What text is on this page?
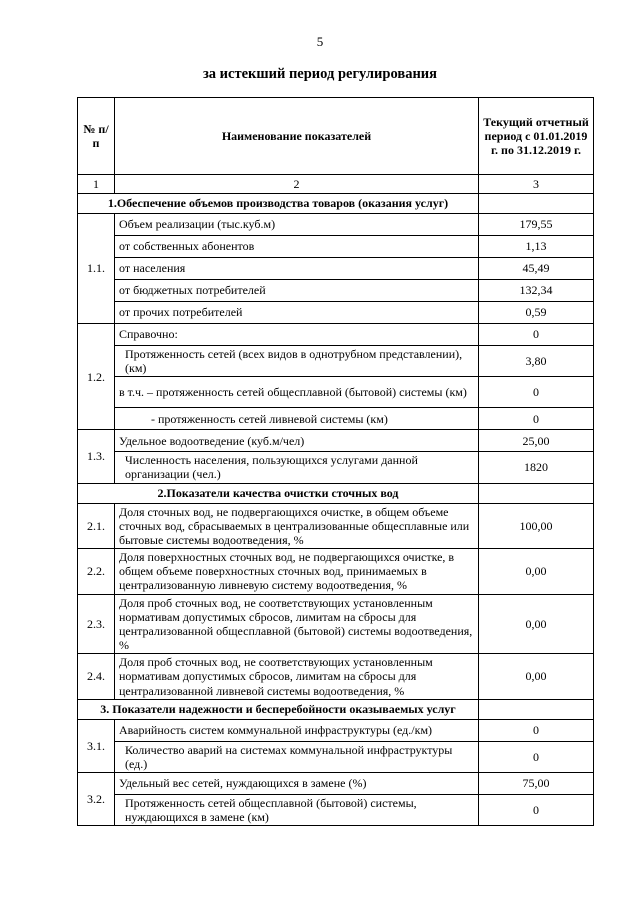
5
за истекший период регулирования
№ п/п	Наименование показателей	Текущий отчетный период с 01.01.2019 г. по 31.12.2019 г.
1	2	3
1.Обеспечение объемов производства товаров (оказания услуг)		
1.1.	Объем реализации (тыс.куб.м)	179,55
	от собственных абонентов	1,13
	от населения	45,49
	от бюджетных потребителей	132,34
	от прочих потребителей	0,59
1.2.	Справочно:	0
	Протяженность сетей (всех видов в однотрубном представлении), (км)	3,80
	в т.ч. – протяженность сетей общесплавной (бытовой) системы (км)	0
	- протяженность сетей ливневой системы (км)	0
1.3.	Удельное водоотведение (куб.м/чел)	25,00
	Численность населения, пользующихся услугами данной организации (чел.)	1820
2.Показатели качества очистки сточных вод		
2.1.	Доля сточных вод, не подвергающихся очистке, в общем объеме сточных вод, сбрасываемых в централизованные общесплавные или бытовые системы водоотведения, %	100,00
2.2.	Доля поверхностных сточных вод, не подвергающихся очистке, в общем объеме поверхностных сточных вод, принимаемых в централизованную ливневую систему водоотведения, %	0,00
2.3.	Доля проб сточных вод, не соответствующих установленным нормативам допустимых сбросов, лимитам на сбросы для централизованной общесплавной (бытовой) системы водоотведения, %	0,00
2.4.	Доля проб сточных вод, не соответствующих установленным нормативам допустимых сбросов, лимитам на сбросы для централизованной ливневой системы водоотведения, %	0,00
3. Показатели надежности и бесперебойности оказываемых услуг		
3.1.	Аварийность систем коммунальной инфраструктуры (ед./км)	0
	Количество аварий на системах коммунальной инфраструктуры (ед.)	0
3.2.	Удельный вес сетей, нуждающихся в замене (%)	75,00
	Протяженность сетей общесплавной (бытовой) системы, нуждающихся в замене (км)	0
